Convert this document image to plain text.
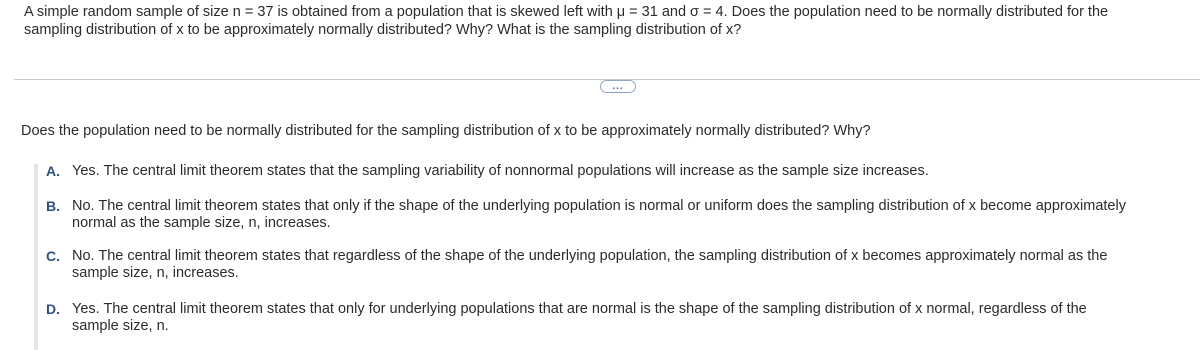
A simple random sample of size n = 37 is obtained from a population that is skewed left with μ = 31 and σ = 4. Does the population need to be normally distributed for the
sampling distribution of x to be approximately normally distributed? Why? What is the sampling distribution of x?
...
Does the population need to be normally distributed for the sampling distribution of x to be approximately normally distributed? Why?
A. Yes. The central limit theorem states that the sampling variability of nonnormal populations will increase as the sample size increases.
B. No. The central limit theorem states that only if the shape of the underlying population is normal or uniform does the sampling distribution of x become approximately
normal as the sample size, n, increases.
C. No. The central limit theorem states that regardless of the shape of the underlying population, the sampling distribution of x becomes approximately normal as the
sample size, n, increases.
D. Yes. The central limit theorem states that only for underlying populations that are normal is the shape of the sampling distribution of x normal, regardless of the
sample size, n.
